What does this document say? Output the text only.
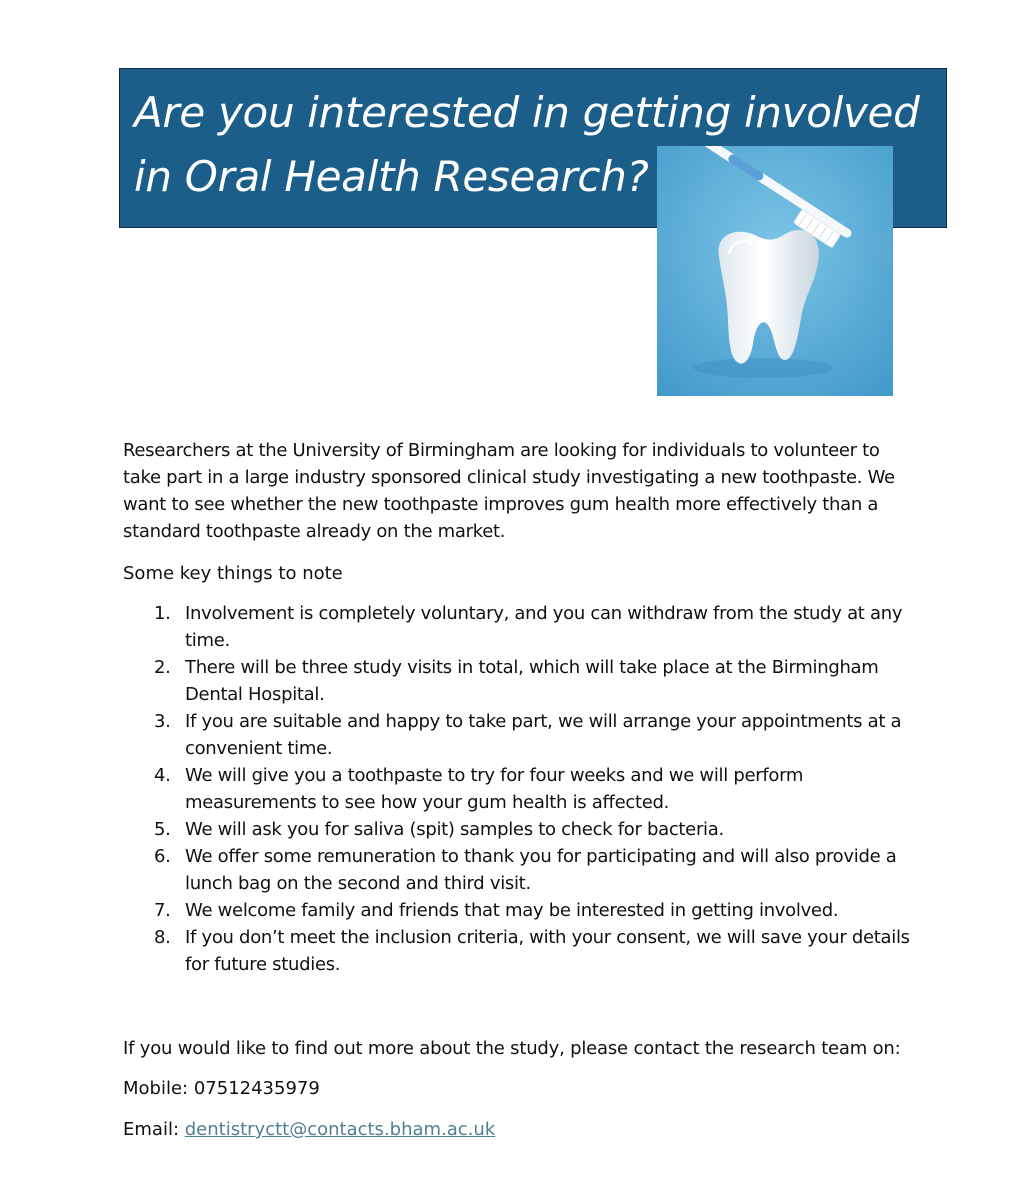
Are you interested in getting involved in Oral Health Research?

Researchers at the University of Birmingham are looking for individuals to volunteer to take part in a large industry sponsored clinical study investigating a new toothpaste. We want to see whether the new toothpaste improves gum health more effectively than a standard toothpaste already on the market.

Some key things to note

1. Involvement is completely voluntary, and you can withdraw from the study at any time.
2. There will be three study visits in total, which will take place at the Birmingham Dental Hospital.
3. If you are suitable and happy to take part, we will arrange your appointments at a convenient time.
4. We will give you a toothpaste to try for four weeks and we will perform measurements to see how your gum health is affected.
5. We will ask you for saliva (spit) samples to check for bacteria.
6. We offer some remuneration to thank you for participating and will also provide a lunch bag on the second and third visit.
7. We welcome family and friends that may be interested in getting involved.
8. If you don’t meet the inclusion criteria, with your consent, we will save your details for future studies.

If you would like to find out more about the study, please contact the research team on:

Mobile: 07512435979

Email: dentistryctt@contacts.bham.ac.uk
